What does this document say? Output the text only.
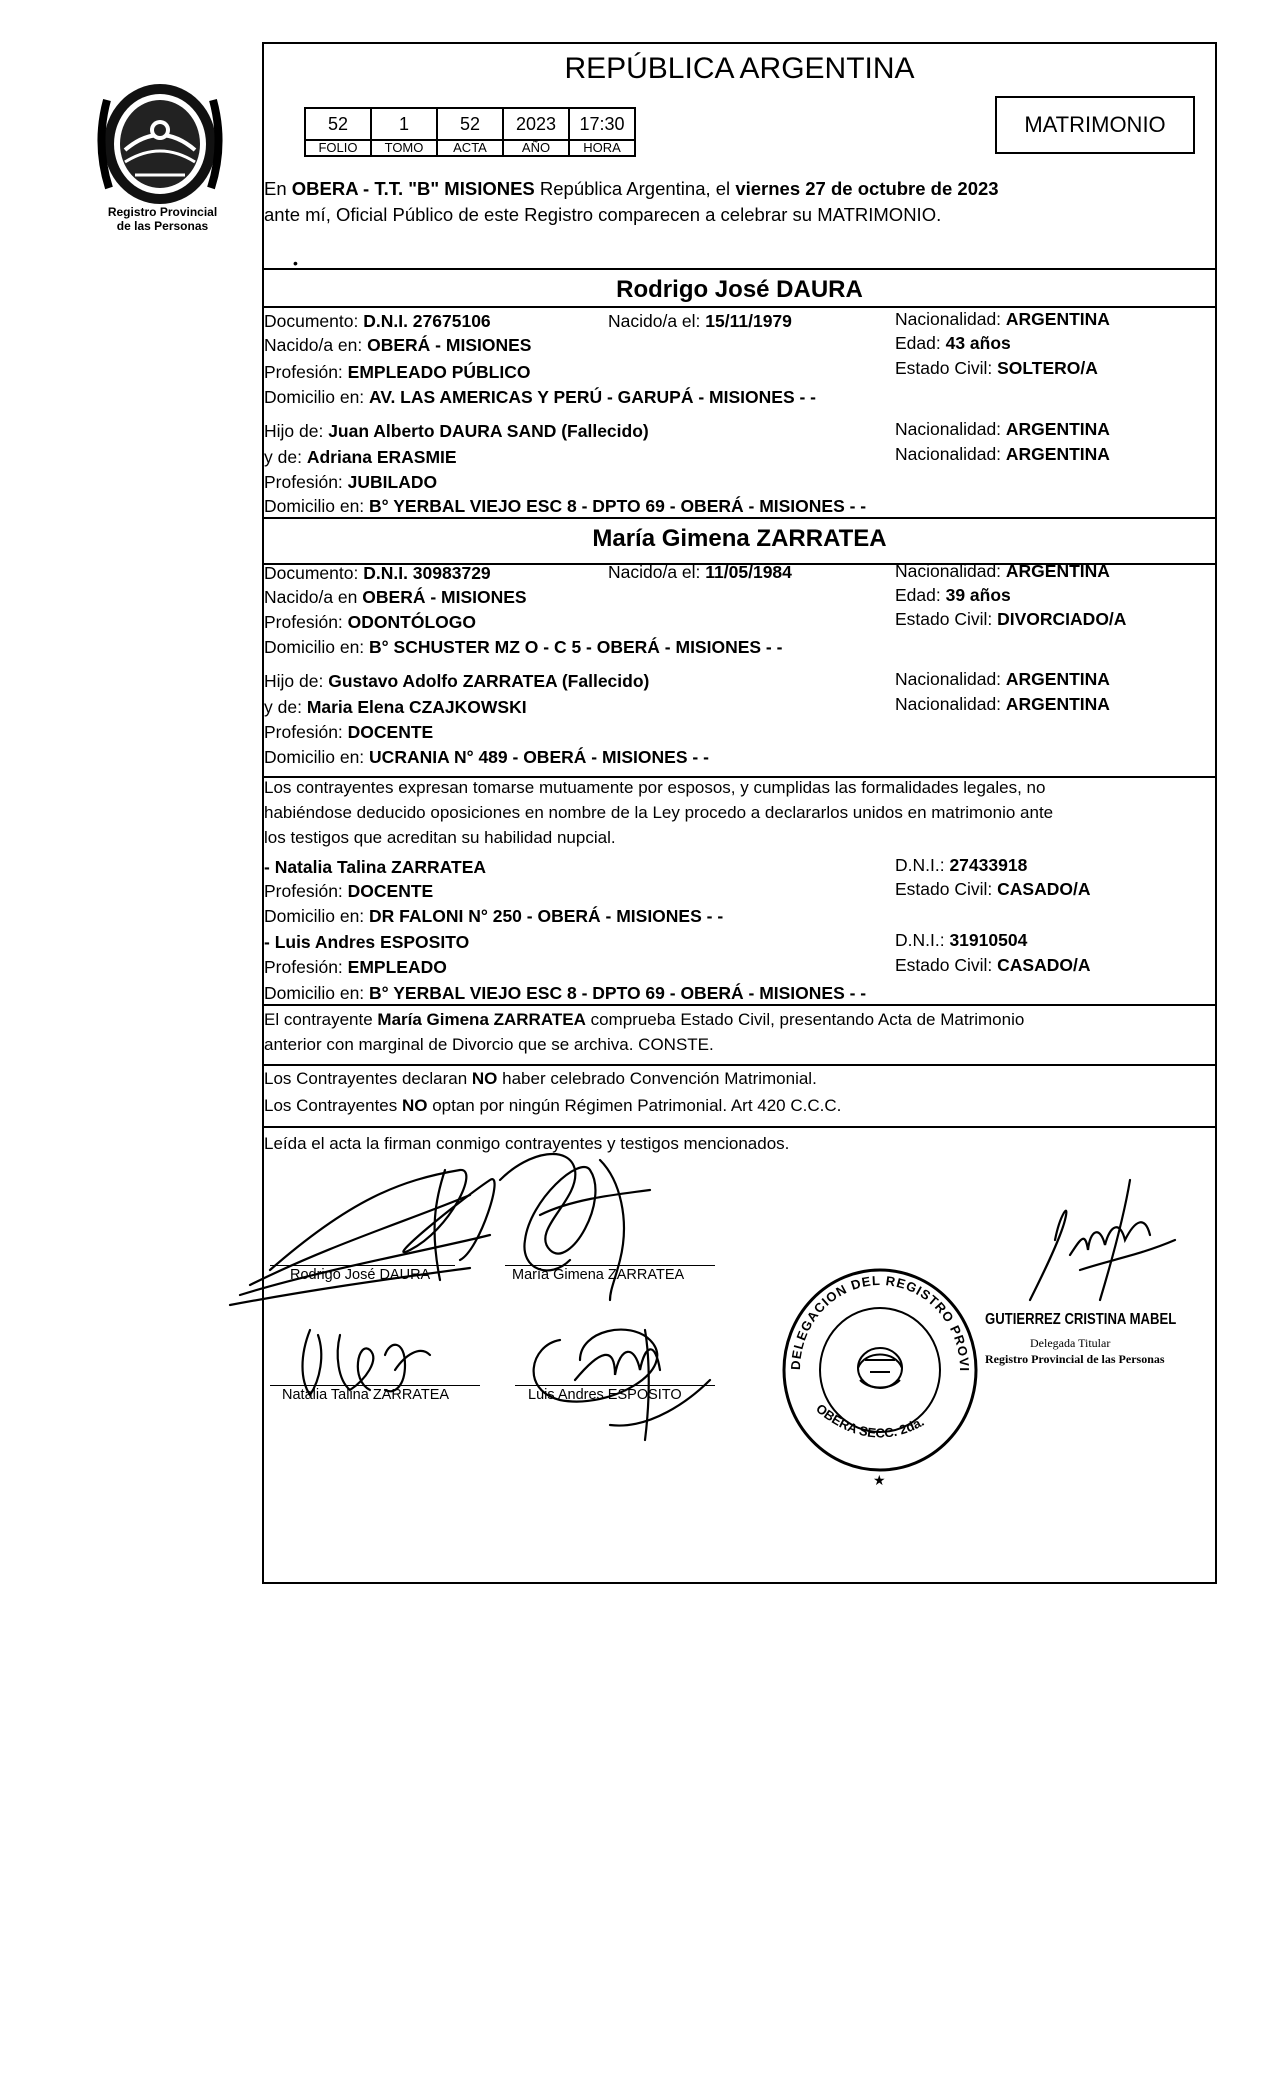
Registro Provincial
de las Personas
REPÚBLICA ARGENTINA
52	1	52	2023	17:30
FOLIO	TOMO	ACTA	AÑO	HORA
MATRIMONIO
En OBERA - T.T. "B" MISIONES República Argentina, el viernes 27 de octubre de 2023
ante mí, Oficial Público de este Registro comparecen a celebrar su MATRIMONIO.
•
Rodrigo José DAURA
Documento: D.N.I. 27675106	Nacido/a el: 15/11/1979	Nacionalidad: ARGENTINA
Nacido/a en: OBERÁ - MISIONES	Edad: 43 años
Profesión: EMPLEADO PÚBLICO	Estado Civil: SOLTERO/A
Domicilio en: AV. LAS AMERICAS Y PERÚ - GARUPÁ - MISIONES - -
Hijo de: Juan Alberto DAURA SAND (Fallecido)	Nacionalidad: ARGENTINA
y de: Adriana ERASMIE	Nacionalidad: ARGENTINA
Profesión: JUBILADO
Domicilio en: B° YERBAL VIEJO ESC 8 - DPTO 69 - OBERÁ - MISIONES - -
María Gimena ZARRATEA
Documento: D.N.I. 30983729	Nacido/a el: 11/05/1984	Nacionalidad: ARGENTINA
Nacido/a en OBERÁ - MISIONES	Edad: 39 años
Profesión: ODONTÓLOGO	Estado Civil: DIVORCIADO/A
Domicilio en: B° SCHUSTER MZ O - C 5 - OBERÁ - MISIONES - -
Hijo de: Gustavo Adolfo ZARRATEA (Fallecido)	Nacionalidad: ARGENTINA
y de: Maria Elena CZAJKOWSKI	Nacionalidad: ARGENTINA
Profesión: DOCENTE
Domicilio en: UCRANIA N° 489 - OBERÁ - MISIONES - -
Los contrayentes expresan tomarse mutuamente por esposos, y cumplidas las formalidades legales, no
habiéndose deducido oposiciones en nombre de la Ley procedo a declararlos unidos en matrimonio ante
los testigos que acreditan su habilidad nupcial.
- Natalia Talina ZARRATEA	D.N.I.: 27433918
Profesión: DOCENTE	Estado Civil: CASADO/A
Domicilio en: DR FALONI N° 250 - OBERÁ - MISIONES - -
- Luis Andres ESPOSITO	D.N.I.: 31910504
Profesión: EMPLEADO	Estado Civil: CASADO/A
Domicilio en: B° YERBAL VIEJO ESC 8 - DPTO 69 - OBERÁ - MISIONES - -
El contrayente María Gimena ZARRATEA comprueba Estado Civil, presentando Acta de Matrimonio
anterior con marginal de Divorcio que se archiva. CONSTE.
Los Contrayentes declaran NO haber celebrado Convención Matrimonial.
Los Contrayentes NO optan por ningún Régimen Patrimonial. Art 420 C.C.C.
Leída el acta la firman conmigo contrayentes y testigos mencionados.
Rodrigo José DAURA	María Gimena ZARRATEA
Natalia Talina ZARRATEA	Luis Andres ESPOSITO
DELEGACION DEL REGISTRO PROVINCIAL DE LAS PERSONAS
OBERA SECC. 2da.
★
GUTIERREZ CRISTINA MABEL
Delegada Titular
Registro Provincial de las Personas
